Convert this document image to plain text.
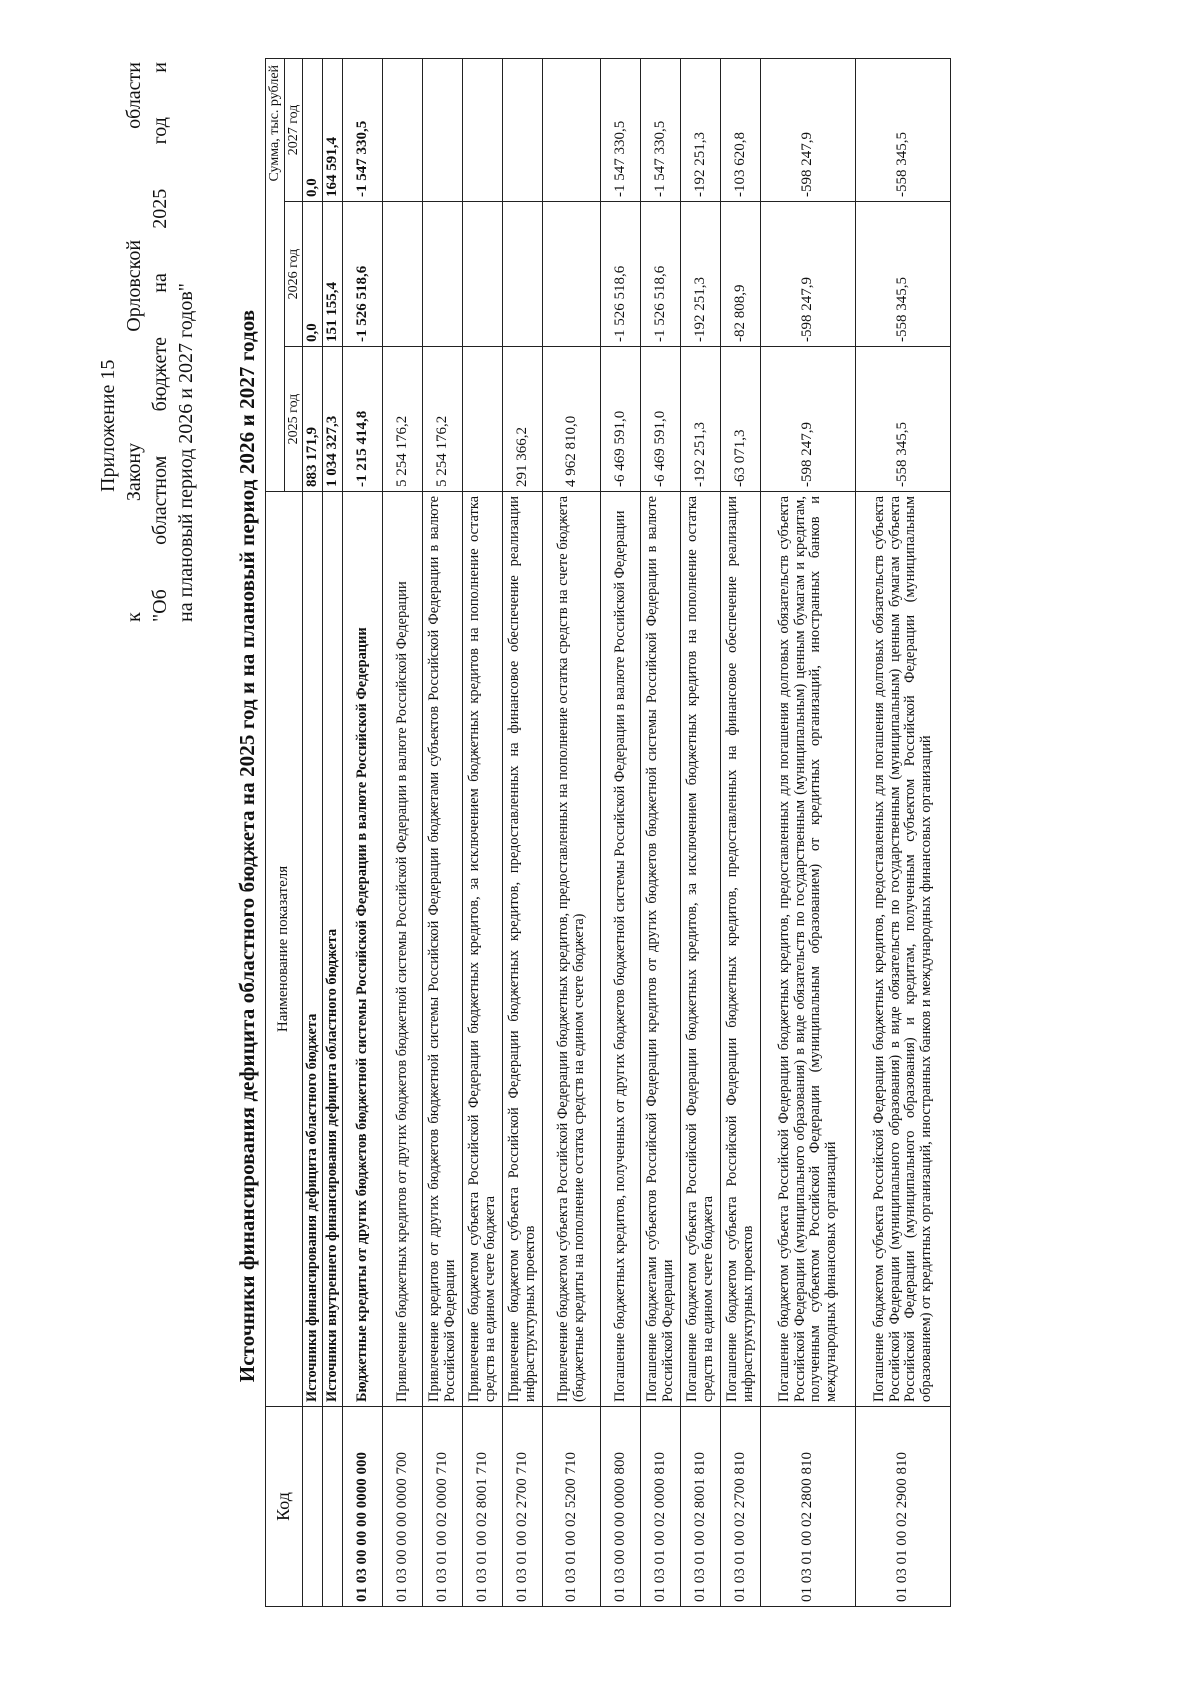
Приложение 15
к
Закону
Орловской
области
"Об
областном
бюджете
на
2025
год
и
на плановый период 2026 и 2027 годов" Источники финансирования дефицита областного бюджета на 2025 год и на плановый период 2026 и 2027 годов
Код	Наименование показателя	Сумма, тыс. рублей		
		2025 год	2026 год	2027 год
	Источники финансирования дефицита областного бюджета	883 171,9	0,0	0,0
	Источники внутреннего финансирования дефицита областного бюджета	1 034 327,3	151 155,4	164 591,4
01 03 00 00 00 0000 000	Бюджетные кредиты от других бюджетов бюджетной системы Российской Федерации в валюте Российской Федерации	-1 215 414,8	-1 526 518,6	-1 547 330,5
01 03 00 00 00 0000 700	Привлечение бюджетных кредитов от других бюджетов бюджетной системы Российской Федерации в валюте Российской Федерации	5 254 176,2		
01 03 01 00 02 0000 710	Привлечение кредитов от других бюджетов бюджетной системы Российской Федерации бюджетами субъектов Российской Федерации в валюте Российской Федерации	5 254 176,2		
01 03 01 00 02 8001 710	Привлечение бюджетом субъекта Российской Федерации бюджетных кредитов, за исключением бюджетных кредитов на пополнение остатка средств на едином счете бюджета			
01 03 01 00 02 2700 710	Привлечение бюджетом субъекта Российской Федерации бюджетных кредитов, предоставленных на финансовое обеспечение реализации инфраструктурных проектов	291 366,2		
01 03 01 00 02 5200 710	Привлечение бюджетом субъекта Российской Федерации бюджетных кредитов, предоставленных на пополнение остатка средств на счете бюджета (бюджетные кредиты на пополнение остатка средств на едином счете бюджета)	4 962 810,0		
01 03 00 00 00 0000 800	Погашение бюджетных кредитов, полученных от других бюджетов бюджетной системы Российской Федерации в валюте Российской Федерации	-6 469 591,0	-1 526 518,6	-1 547 330,5
01 03 01 00 02 0000 810	Погашение бюджетами субъектов Российской Федерации кредитов от других бюджетов бюджетной системы Российской Федерации в валюте Российской Федерации	-6 469 591,0	-1 526 518,6	-1 547 330,5
01 03 01 00 02 8001 810	Погашение бюджетом субъекта Российской Федерации бюджетных кредитов, за исключением бюджетных кредитов на пополнение остатка средств на едином счете бюджета	-192 251,3	-192 251,3	-192 251,3
01 03 01 00 02 2700 810	Погашение бюджетом субъекта Российской Федерации бюджетных кредитов, предоставленных на финансовое обеспечение реализации инфраструктурных проектов	-63 071,3	-82 808,9	-103 620,8
01 03 01 00 02 2800 810	Погашение бюджетом субъекта Российской Федерации бюджетных кредитов, предоставленных для погашения долговых обязательств субъекта Российской Федерации (муниципального образования) в виде обязательств по государственным (муниципальным) ценным бумагам и кредитам, полученным субъектом Российской Федерации (муниципальным образованием) от кредитных организаций, иностранных банков и международных финансовых организаций	-598 247,9	-598 247,9	-598 247,9
01 03 01 00 02 2900 810	Погашение бюджетом субъекта Российской Федерации бюджетных кредитов, предоставленных для погашения долговых обязательств субъекта Российской Федерации (муниципального образования) в виде обязательств по государственным (муниципальным) ценным бумагам субъекта Российской Федерации (муниципального образования) и кредитам, полученным субъектом Российской Федерации (муниципальным образованием) от кредитных организаций, иностранных банков и международных финансовых организаций	-558 345,5	-558 345,5	-558 345,5
